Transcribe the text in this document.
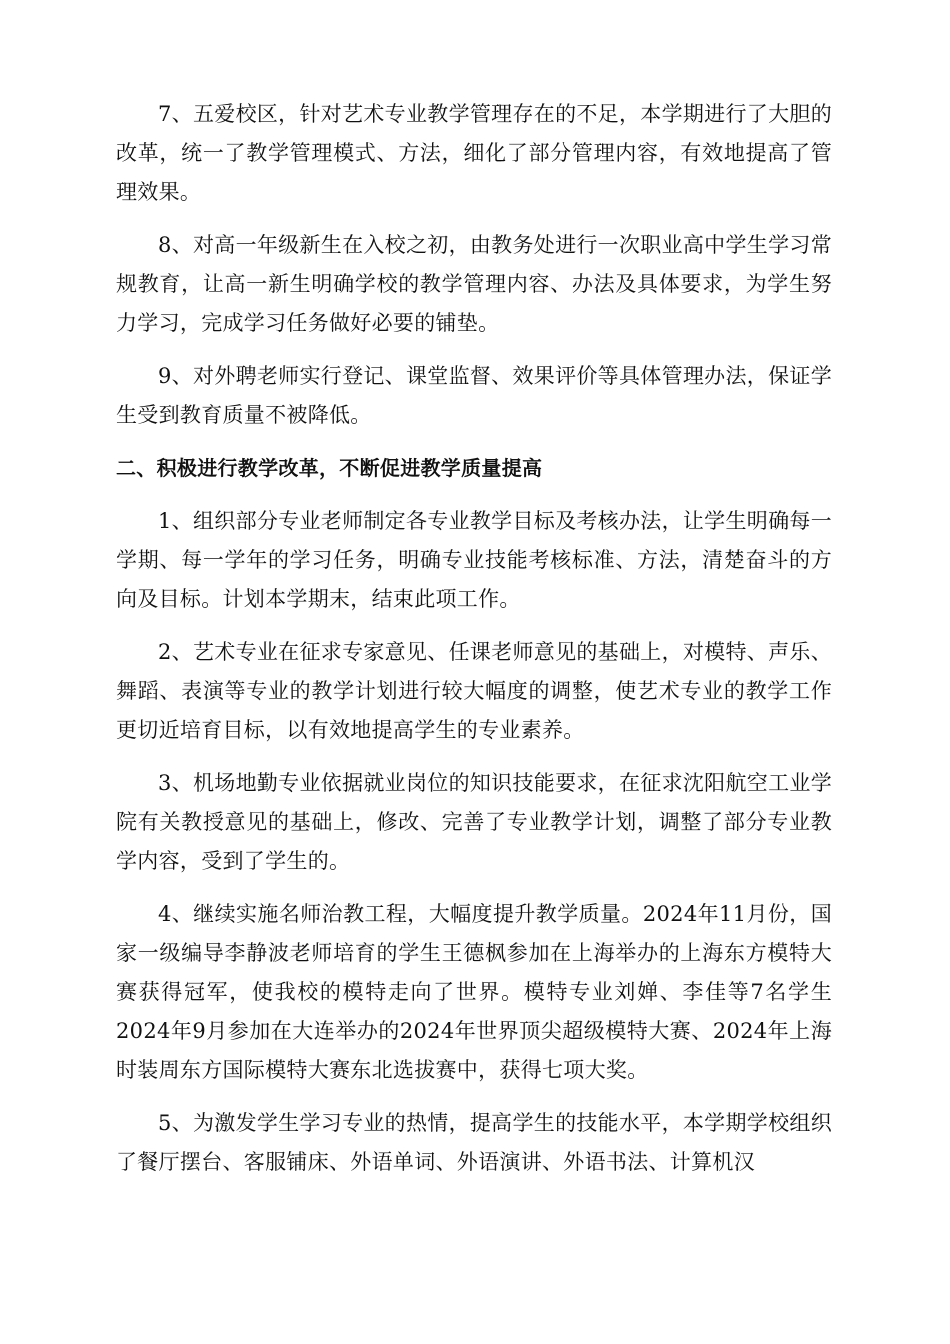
7、五爱校区，针对艺术专业教学管理存在的不足，本学期进行了大胆的改革，统一了教学管理模式、方法，细化了部分管理内容，有效地提高了管理效果。

8、对高一年级新生在入校之初，由教务处进行一次职业高中学生学习常规教育，让高一新生明确学校的教学管理内容、办法及具体要求，为学生努力学习，完成学习任务做好必要的铺垫。

9、对外聘老师实行登记、课堂监督、效果评价等具体管理办法，保证学生受到教育质量不被降低。

二、积极进行教学改革，不断促进教学质量提高

1、组织部分专业老师制定各专业教学目标及考核办法，让学生明确每一学期、每一学年的学习任务，明确专业技能考核标准、方法，清楚奋斗的方向及目标。计划本学期末，结束此项工作。

2、艺术专业在征求专家意见、任课老师意见的基础上，对模特、声乐、舞蹈、表演等专业的教学计划进行较大幅度的调整，使艺术专业的教学工作更切近培育目标，以有效地提高学生的专业素养。

3、机场地勤专业依据就业岗位的知识技能要求，在征求沈阳航空工业学院有关教授意见的基础上，修改、完善了专业教学计划，调整了部分专业教学内容，受到了学生的。

4、继续实施名师治教工程，大幅度提升教学质量。2024年11月份，国家一级编导李静波老师培育的学生王德枫参加在上海举办的上海东方模特大赛获得冠军，使我校的模特走向了世界。模特专业刘婵、李佳等7名学生2024年9月参加在大连举办的2024年世界顶尖超级模特大赛、2024年上海时装周东方国际模特大赛东北选拔赛中，获得七项大奖。

5、为激发学生学习专业的热情，提高学生的技能水平，本学期学校组织了餐厅摆台、客服铺床、外语单词、外语演讲、外语书法、计算机汉
